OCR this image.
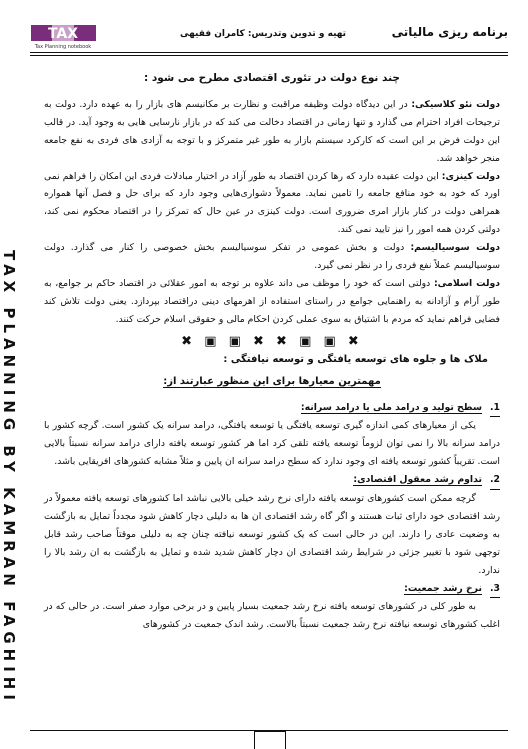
TAX
Tax Planning notebook
تهیه و تدوین وتدریس: کامران فقیهی	برنامه ریزی مالیاتی
TAX PLANNING BY KAMRAN FAGHIHI

چند نوع دولت در تئوری اقتصادی مطرح می شود :

دولت نئو کلاسیکی: در این دیدگاه دولت وظیفه مراقبت و نظارت بر مکانیسم های بازار را به عهده دارد. دولت به ترجیحات افراد احترام می گذارد و تنها زمانی در اقتصاد دخالت می کند که در بازار نارسایی هایی به وجود آید. در قالب این دولت فرض بر این است که کارکرد سیستم بازار به طور غیر متمرکز و با توجه به آزادی های فردی به نفع جامعه منجر خواهد شد.

دولت کینزی: این دولت عقیده دارد که رها کردن اقتصاد به طور آزاد در اختیار مبادلات فردی این امکان را فراهم نمی اورد که خود به خود منافع جامعه را تامین نماید. معمولاً دشواری‌هایی وجود دارد که برای حل و فصل آنها همواره همراهی دولت در کنار بازار امری ضروری است. دولت کینزی در عین حال که تمرکز را در اقتصاد محکوم نمی کند، دولتی کردن همه امور را نیز تایید نمی کند.

دولت سوسیالیسم: دولت و بخش عمومی در تفکر سوسیالیسم بخش خصوصی را کنار می گذارد. دولت سوسیالیسم عملاً نفع فردی را در نظر نمی گیرد.

دولت اسلامی: دولتی است که خود را موظف می داند علاوه بر توجه به امور عقلائی در اقتصاد حاکم بر جوامع، به طور آرام و آزادانه به راهنمایی جوامع در راستای استفاده از اهرمهای دینی دراقتصاد بپردازد. یعنی دولت تلاش کند فضایی فراهم نماید که مردم با اشتیاق به سوی عملی کردن احکام مالی و حقوقی اسلام حرکت کنند.

✖ ▣ ▣ ✖ ✖ ▣ ▣ ✖

ملاک ها و جلوه های توسعه یافتگی و توسعه نیافتگی :

مهمترین معیارها برای این منظور عبارتند از:

1.سطح تولید و درامد ملی یا درامد سرانه:

یکی از معیارهای کمی اندازه گیری توسعه یافتگی یا توسعه یافتگی، درامد سرانه یک کشور است. گرچه کشور با درامد سرانه بالا را نمی توان لزوماً توسعه یافته تلقی کرد اما هر کشور توسعه یافته دارای درامد سرانه نسبتاً بالایی است. تقریباً کشور توسعه یافته ای وجود ندارد که سطح درامد سرانه ان پایین و مثلاً مشابه کشورهای افریقایی باشد.

2.تداوم رشد معقول اقتصادی:

گرچه ممکن است کشورهای توسعه یافته دارای نرخ رشد خیلی بالایی نباشد اما کشورهای توسعه یافته معمولاً در رشد اقتصادی خود دارای ثبات هستند و اگر گاه رشد اقتصادی ان ها به دلیلی دچار کاهش شود مجدداً تمایل به بازگشت به وضعیت عادی را دارند. این در حالی است که یک کشور توسعه نیافته چنان چه به دلیلی موقتاً صاحب رشد قابل توجهی شود با تغییر جزئی در شرایط رشد اقتصادی ان دچار کاهش شدید شده و تمایل به بازگشت به ان رشد بالا را ندارد.

3.نرخ رشد جمعیت:

به طور کلی در کشورهای توسعه یافته نرخ رشد جمعیت بسیار پایین و در برخی موارد صفر است. در حالی که در اغلب کشورهای توسعه نیافته نرخ رشد جمعیت نسبتاً بالاست. رشد اندک جمعیت در کشورهای
